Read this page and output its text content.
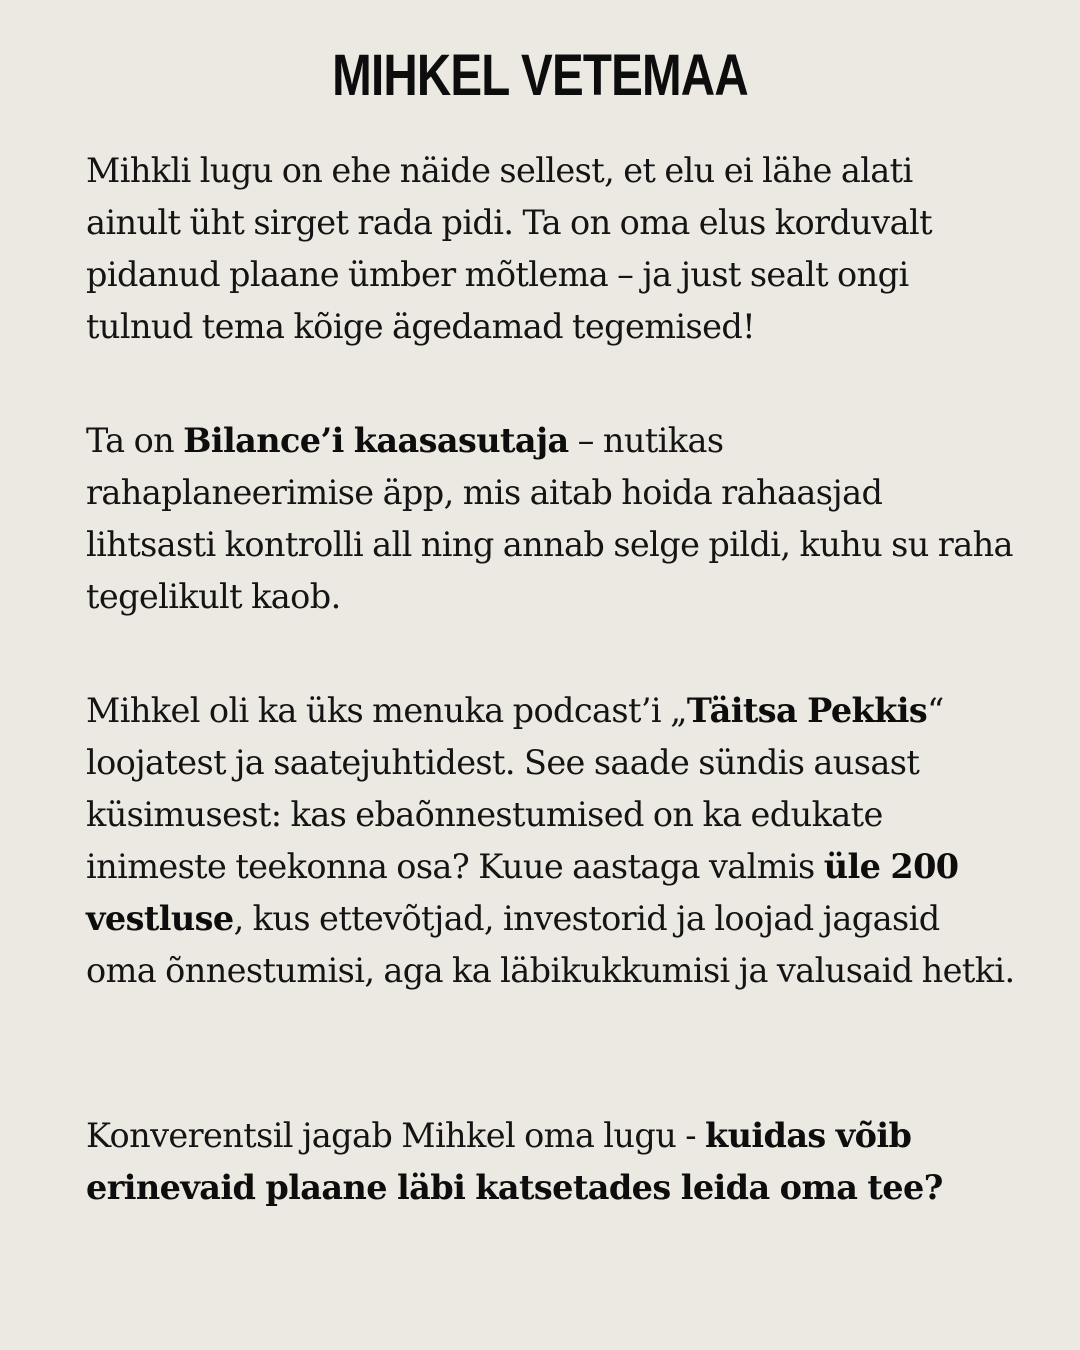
MIHKEL VETEMAA

Mihkli lugu on ehe näide sellest, et elu ei lähe alati ainult üht sirget rada pidi. Ta on oma elus korduvalt pidanud plaane ümber mõtlema – ja just sealt ongi tulnud tema kõige ägedamad tegemised!

Ta on Bilance’i kaasasutaja – nutikas rahaplaneerimise äpp, mis aitab hoida rahaasjad lihtsasti kontrolli all ning annab selge pildi, kuhu su raha tegelikult kaob.

Mihkel oli ka üks menuka podcast’i „Täitsa Pekkis“ loojatest ja saatejuhtidest. See saade sündis ausast küsimusest: kas ebaõnnestumised on ka edukate inimeste teekonna osa? Kuue aastaga valmis üle 200 vestluse, kus ettevõtjad, investorid ja loojad jagasid oma õnnestumisi, aga ka läbikukkumisi ja valusaid hetki.

Konverentsil jagab Mihkel oma lugu - kuidas võib erinevaid plaane läbi katsetades leida oma tee?
